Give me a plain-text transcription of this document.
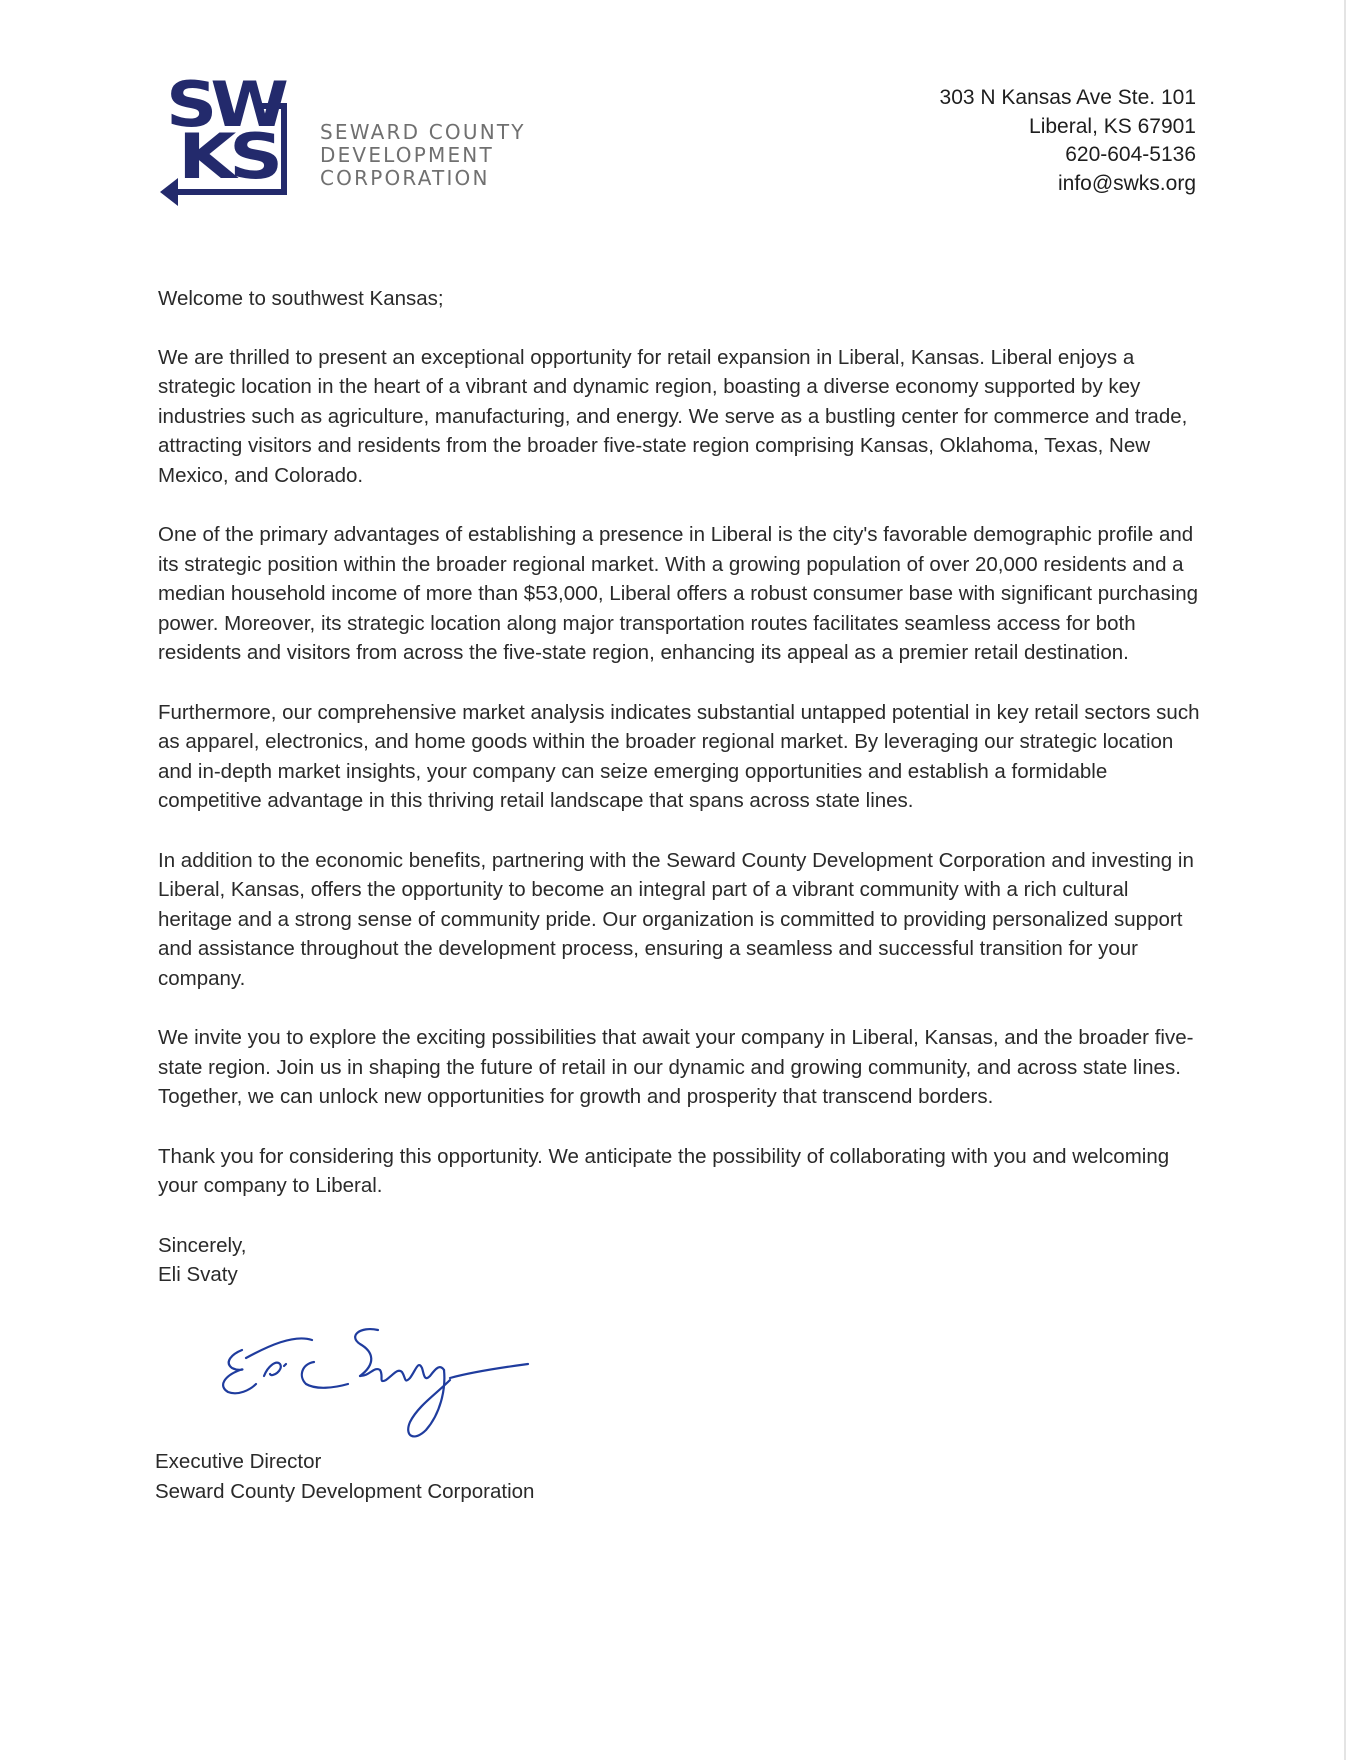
SW
KS SEWARD COUNTY
DEVELOPMENT
CORPORATION
303 N Kansas Ave Ste. 101
Liberal, KS 67901
620-604-5136
info@swks.org

Welcome to southwest Kansas;

We are thrilled to present an exceptional opportunity for retail expansion in Liberal, Kansas. Liberal enjoys a strategic location in the heart of a vibrant and dynamic region, boasting a diverse economy supported by key industries such as agriculture, manufacturing, and energy. We serve as a bustling center for commerce and trade, attracting visitors and residents from the broader five-state region comprising Kansas, Oklahoma, Texas, New Mexico, and Colorado.

One of the primary advantages of establishing a presence in Liberal is the city's favorable demographic profile and its strategic position within the broader regional market. With a growing population of over 20,000 residents and a median household income of more than $53,000, Liberal offers a robust consumer base with significant purchasing power. Moreover, its strategic location along major transportation routes facilitates seamless access for both residents and visitors from across the five-state region, enhancing its appeal as a premier retail destination.

Furthermore, our comprehensive market analysis indicates substantial untapped potential in key retail sectors such as apparel, electronics, and home goods within the broader regional market. By leveraging our strategic location and in-depth market insights, your company can seize emerging opportunities and establish a formidable competitive advantage in this thriving retail landscape that spans across state lines.

In addition to the economic benefits, partnering with the Seward County Development Corporation and investing in Liberal, Kansas, offers the opportunity to become an integral part of a vibrant community with a rich cultural heritage and a strong sense of community pride. Our organization is committed to providing personalized support and assistance throughout the development process, ensuring a seamless and successful transition for your company.

We invite you to explore the exciting possibilities that await your company in Liberal, Kansas, and the broader five-state region. Join us in shaping the future of retail in our dynamic and growing community, and across state lines. Together, we can unlock new opportunities for growth and prosperity that transcend borders.

Thank you for considering this opportunity. We anticipate the possibility of collaborating with you and welcoming your company to Liberal.

Sincerely,
Eli Svaty

Executive Director
Seward County Development Corporation
